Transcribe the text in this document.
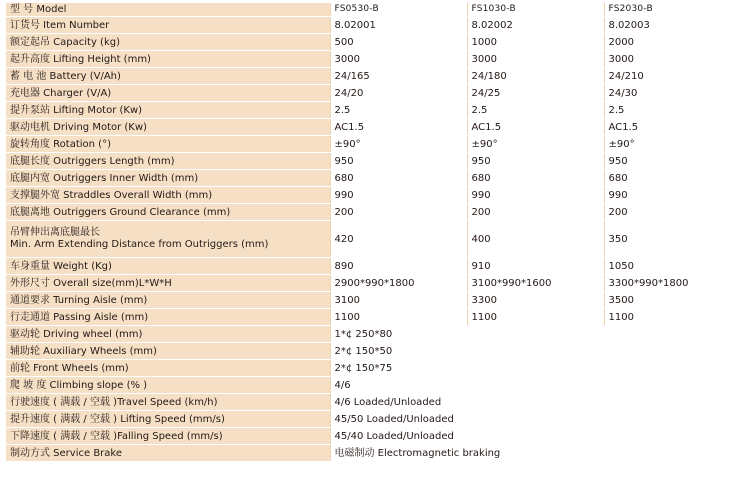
型 号 Model	FS0530-B	FS1030-B	FS2030-B
订货号 Item Number	8.02001	8.02002	8.02003
额定起吊 Capacity (kg)	500	1000	2000
起升高度 Lifting Height (mm)	3000	3000	3000
蓄 电 池 Battery (V/Ah)	24/165	24/180	24/210
充电器 Charger (V/A)	24/20	24/25	24/30
提升泵站 Lifting Motor (Kw)	2.5	2.5	2.5
驱动电机 Driving Motor (Kw)	AC1.5	AC1.5	AC1.5
旋转角度 Rotation (°)	±90°	±90°	±90°
底腿长度 Outriggers Length (mm)	950	950	950
底腿内宽 Outriggers Inner Width (mm)	680	680	680
支撑腿外宽 Straddles Overall Width (mm)	990	990	990
底腿离地 Outriggers Ground Clearance (mm)	200	200	200

吊臂伸出离底腿最长
Min. Arm Extending Distance from Outriggers (mm)	420	400	350
车身重量 Weight (Kg)	890	910	1050
外形尺寸 Overall size(mm)L*W*H	2900*990*1800	3100*990*1600	3300*990*1800
通道要求 Turning Aisle (mm)	3100	3300	3500
行走通道 Passing Aisle (mm)	1100	1100	1100
驱动轮 Driving wheel (mm)	1*¢ 250*80		
辅助轮 Auxiliary Wheels (mm)	2*¢ 150*50		
前轮 Front Wheels (mm)	2*¢ 150*75		
爬 坡 度 Climbing slope (% )	4/6		
行驶速度 ( 满载 / 空载 )Travel Speed (km/h)	4/6 Loaded/Unloaded		
提升速度 ( 满载 / 空载 ) Lifting Speed (mm/s)	45/50 Loaded/Unloaded		
下降速度 ( 满载 / 空载 )Falling Speed (mm/s)	45/40 Loaded/Unloaded		
制动方式 Service Brake	电磁制动 Electromagnetic braking		
